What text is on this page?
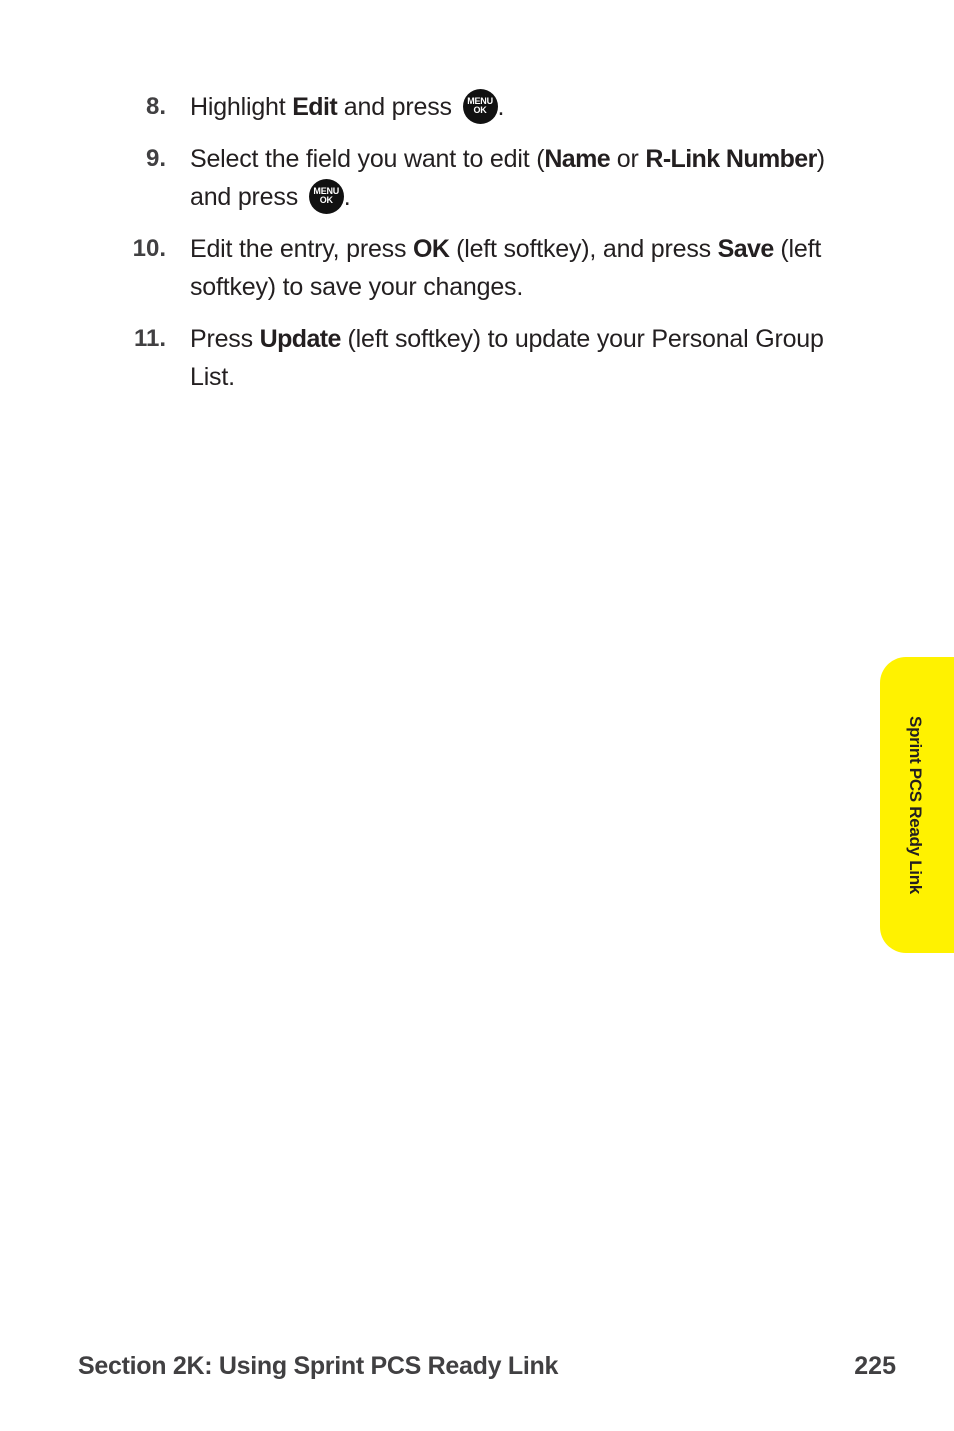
8. Highlight Edit and press MENU
OK .
9. Select the field you want to edit (Name or R-Link Number) and press MENU
OK .
10. Edit the entry, press OK (left softkey), and press Save (left softkey) to save your changes.
11. Press Update (left softkey) to update your Personal Group List.
Sprint PCS Ready Link
Section 2K: Using Sprint PCS Ready Link	225
